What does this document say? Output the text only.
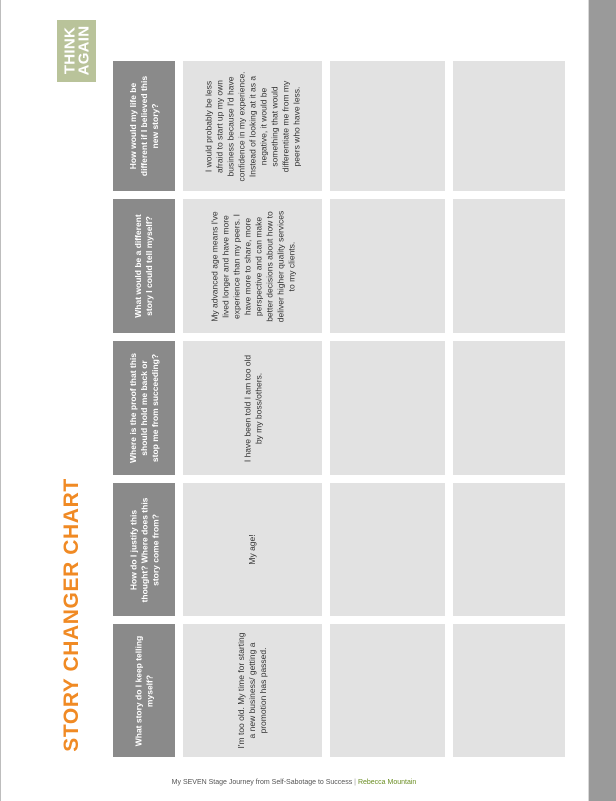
THINK AGAIN
STORY CHANGER CHART	What story do I keep telling myself?	I'm too old. My time for starting a new business/ getting a promotion has passed.
How do I justify this thought? Where does this story come from?	My age!
Where is the proof that this should hold me back or stop me from succeeding?	I have been told I am too old by my boss/others.
What would be a different story I could tell myself?	My advanced age means I've lived longer and have more experience than my peers. I have more to share, more perspective and can make better decisions about how to deliver higher quality services to my clients.
How would my life be different if I believed this new story?	I would probably be less afraid to start up my own business because I'd have confidence in my experience. Instead of looking at it as a negative, it would be something that would differentiate me from my peers who have less.
My SEVEN Stage Journey from Self-Sabotage to Success | Rebecca Mountain
